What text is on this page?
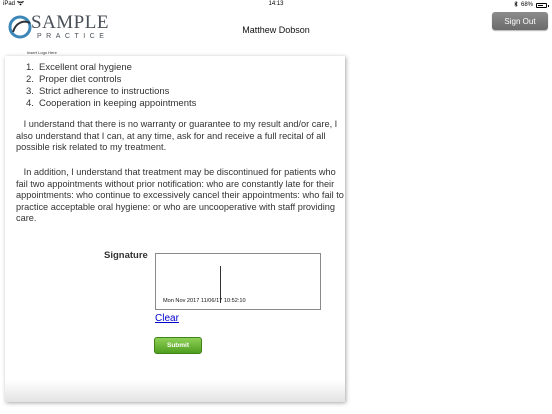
iPad	14:13	68%
SAMPLE
PRACTICE
Insert Logo Here
Matthew Dobson
Sign Out
1. Excellent oral hygiene
2. Proper diet controls
3. Strict adherence to instructions
4. Cooperation in keeping appointments

I understand that there is no warranty or guarantee to my result and/or care, I also understand that I can, at any time, ask for and receive a full recital of all possible risk related to my treatment.

In addition, I understand that treatment may be discontinued for patients who fail two appointments without prior notification: who are constantly late for their appointments: who continue to excessively cancel their appointments: who fail to practice acceptable oral hygiene: or who are uncooperative with staff providing care.

Signature
Mon Nov 2017 11/06/17 10:52:10
Clear
Submit
